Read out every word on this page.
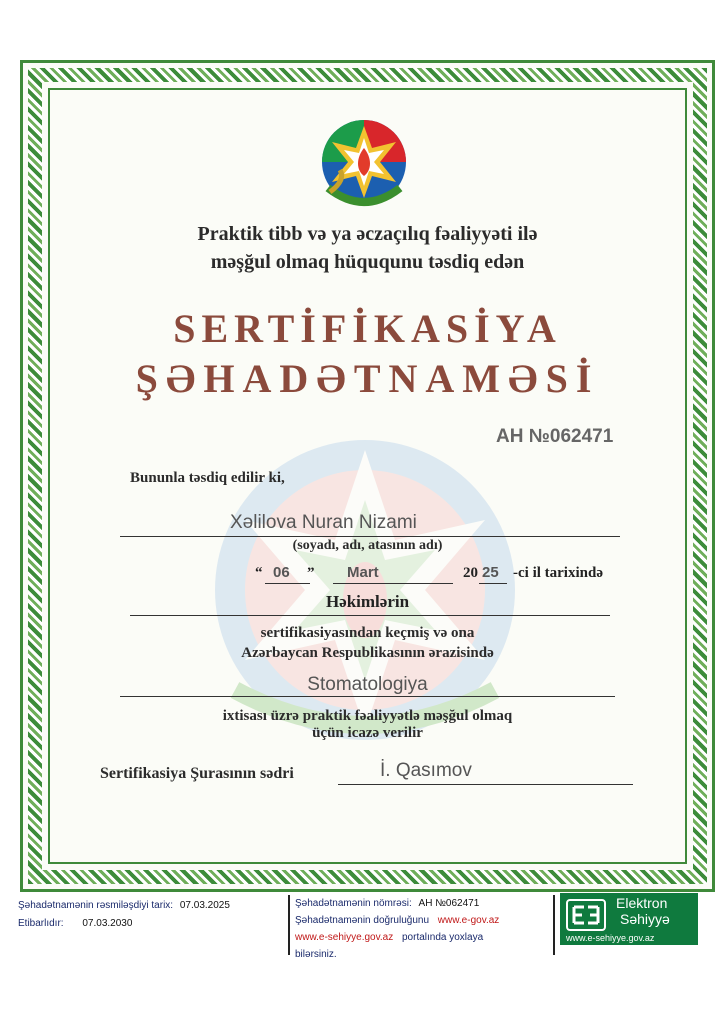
Praktik tibb və ya əczaçılıq fəaliyyəti ilə
məşğul olmaq hüququnu təsdiq edən
SERTİFİKASİYA
ŞƏHADƏTNAMƏSİ
AH №062471
Bununla təsdiq edilir ki,
Xəlilova Nuran Nizami
(soyadı, adı, atasının adı)
“ 06 ” Mart	20 25 -ci il tarixində
Həkimlərin
sertifikasiyasından keçmiş və ona
Azərbaycan Respublikasının ərazisində
Stomatologiya
ixtisası üzrə praktik fəaliyyətlə məşğul olmaq
üçün icazə verilir
Sertifikasiya Şurasının sədri	İ. Qasımov
Şəhadətnamənin rəsmiləşdiyi tarix: 07.03.2025
Etibarlıdır: 07.03.2030
Şəhadətnamənin nömrəsi: AH №062471
Şəhadətnamənin doğruluğunu www.e-gov.az
www.e-sehiyye.gov.az portalında yoxlaya
bilərsiniz.
Elektron
Səhiyyə
www.e-sehiyye.gov.az
